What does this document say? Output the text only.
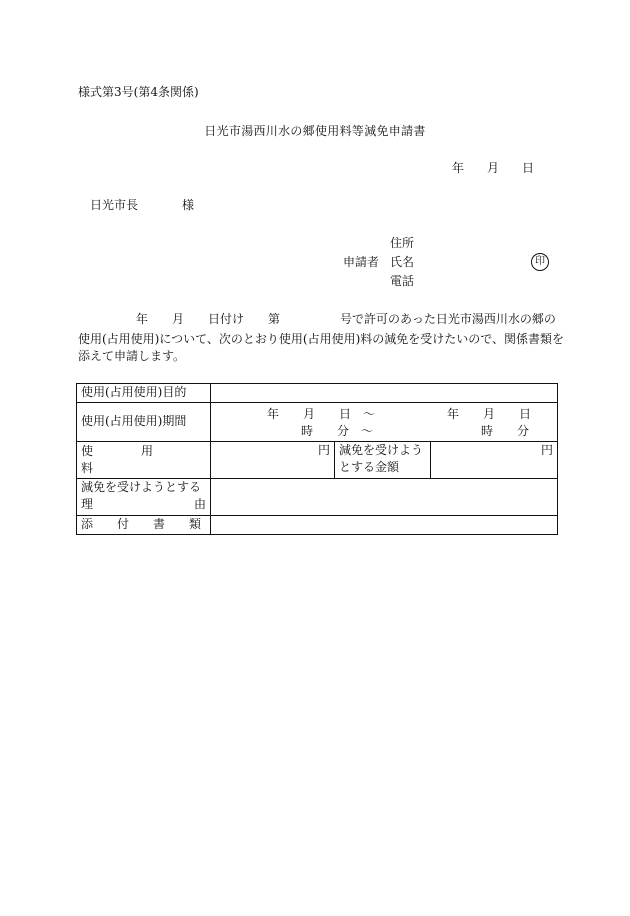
様式第3号(第4条関係)
日光市湯西川水の郷使用料等減免申請書
年 月 日
日光市長	様
申請者
住所
氏名
電話
印
年　　月　　日付け　　第　　　　　号で許可のあった日光市湯西川水の郷の
使用(占用使用)について、次のとおり使用(占用使用)料の減免を受けたいので、関係書類を
添えて申請します。
使用(占用使用)目的			
使用(占用使用)期間	年　　月　　日　～　　　　　　年　　月　　日
時　　分　～　　　　　　　　　時　　分		

使　　　　用　　　　料	円	減免を受けようとする金額	円

減免を受けようとする
理 由			

添　　付　　書　　類			
